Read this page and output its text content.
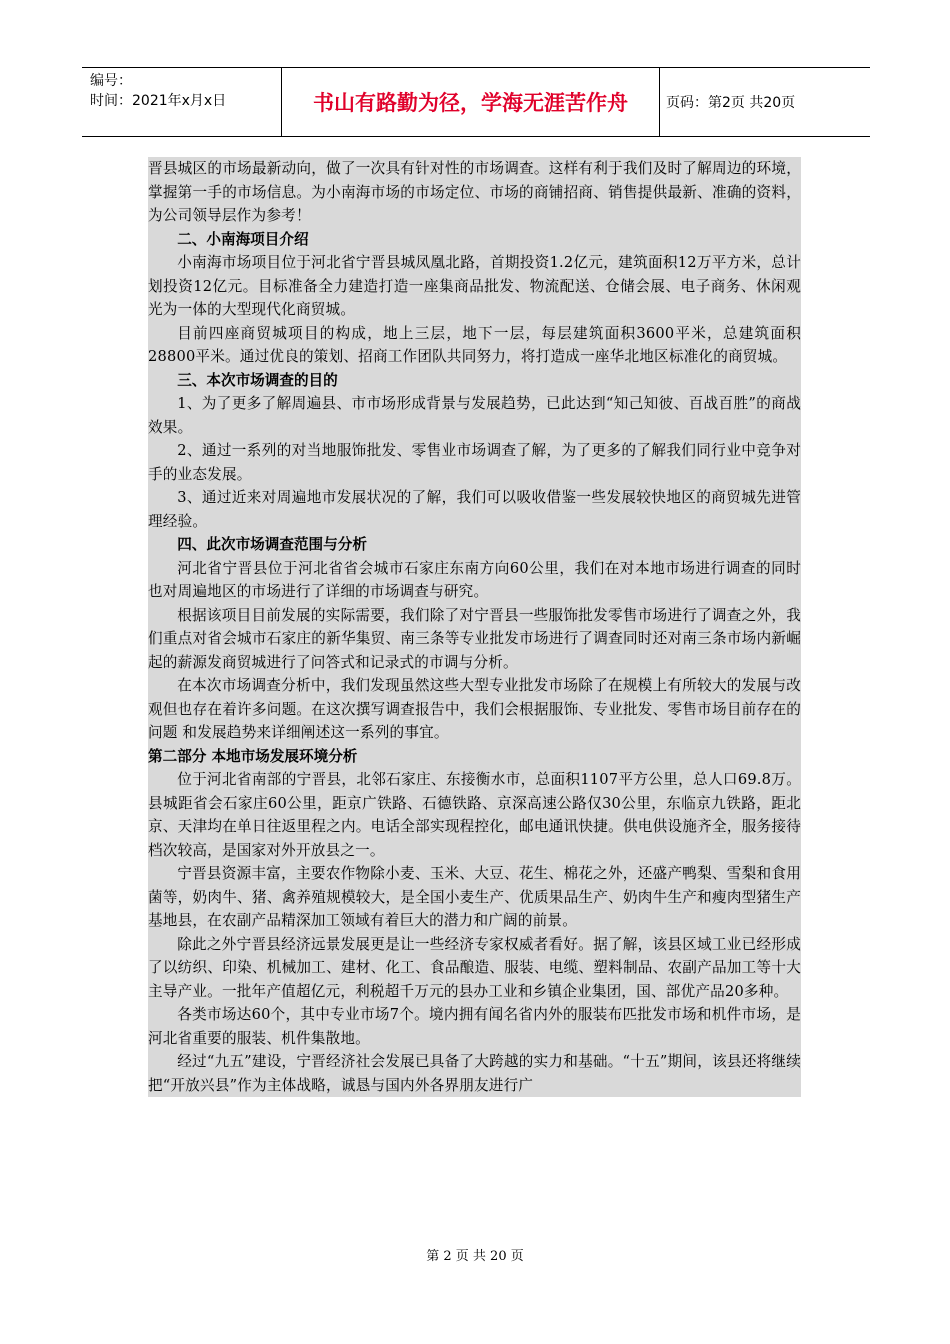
编号：
时间：2021年x月x日	书山有路勤为径，学海无涯苦作舟	页码：第2页 共20页

晋县城区的市场最新动向，做了一次具有针对性的市场调查。这样有利于我们及时了解周边的环境，掌握第一手的市场信息。为小南海市场的市场定位、市场的商铺招商、销售提供最新、准确的资料，为公司领导层作为参考！

二、小南海项目介绍

小南海市场项目位于河北省宁晋县城凤凰北路，首期投资1.2亿元，建筑面积12万平方米，总计划投资12亿元。目标准备全力建造打造一座集商品批发、物流配送、仓储会展、电子商务、休闲观光为一体的大型现代化商贸城。

目前四座商贸城项目的构成，地上三层，地下一层，每层建筑面积3600平米，总建筑面积28800平米。通过优良的策划、招商工作团队共同努力，将打造成一座华北地区标准化的商贸城。

三、本次市场调查的目的

1、为了更多了解周遍县、市市场形成背景与发展趋势，已此达到“知己知彼、百战百胜”的商战效果。

2、通过一系列的对当地服饰批发、零售业市场调查了解，为了更多的了解我们同行业中竞争对手的业态发展。

3、通过近来对周遍地市发展状况的了解，我们可以吸收借鉴一些发展较快地区的商贸城先进管理经验。

四、此次市场调查范围与分析

河北省宁晋县位于河北省省会城市石家庄东南方向60公里，我们在对本地市场进行调查的同时也对周遍地区的市场进行了详细的市场调查与研究。

根据该项目目前发展的实际需要，我们除了对宁晋县一些服饰批发零售市场进行了调查之外，我们重点对省会城市石家庄的新华集贸、南三条等专业批发市场进行了调查同时还对南三条市场内新崛起的薪源发商贸城进行了问答式和记录式的市调与分析。

在本次市场调查分析中，我们发现虽然这些大型专业批发市场除了在规模上有所较大的发展与改观但也存在着许多问题。在这次撰写调查报告中，我们会根据服饰、专业批发、零售市场目前存在的问题 和发展趋势来详细阐述这一系列的事宜。

第二部分 本地市场发展环境分析

位于河北省南部的宁晋县，北邻石家庄、东接衡水市，总面积1107平方公里，总人口69.8万。县城距省会石家庄60公里，距京广铁路、石德铁路、京深高速公路仅30公里，东临京九铁路，距北京、天津均在单日往返里程之内。电话全部实现程控化，邮电通讯快捷。供电供设施齐全，服务接待档次较高，是国家对外开放县之一。

宁晋县资源丰富，主要农作物除小麦、玉米、大豆、花生、棉花之外，还盛产鸭梨、雪梨和食用菌等，奶肉牛、猪、禽养殖规模较大，是全国小麦生产、优质果品生产、奶肉牛生产和瘦肉型猪生产基地县，在农副产品精深加工领域有着巨大的潜力和广阔的前景。

除此之外宁晋县经济远景发展更是让一些经济专家权威者看好。据了解，该县区域工业已经形成了以纺织、印染、机械加工、建材、化工、食品酿造、服装、电缆、塑料制品、农副产品加工等十大主导产业。一批年产值超亿元，利税超千万元的县办工业和乡镇企业集团，国、部优产品20多种。

各类市场达60个，其中专业市场7个。境内拥有闻名省内外的服装布匹批发市场和机件市场，是河北省重要的服装、机件集散地。

经过“九五”建设，宁晋经济社会发展已具备了大跨越的实力和基础。“十五”期间，该县还将继续把“开放兴县”作为主体战略，诚恳与国内外各界朋友进行广

第 2 页 共 20 页
